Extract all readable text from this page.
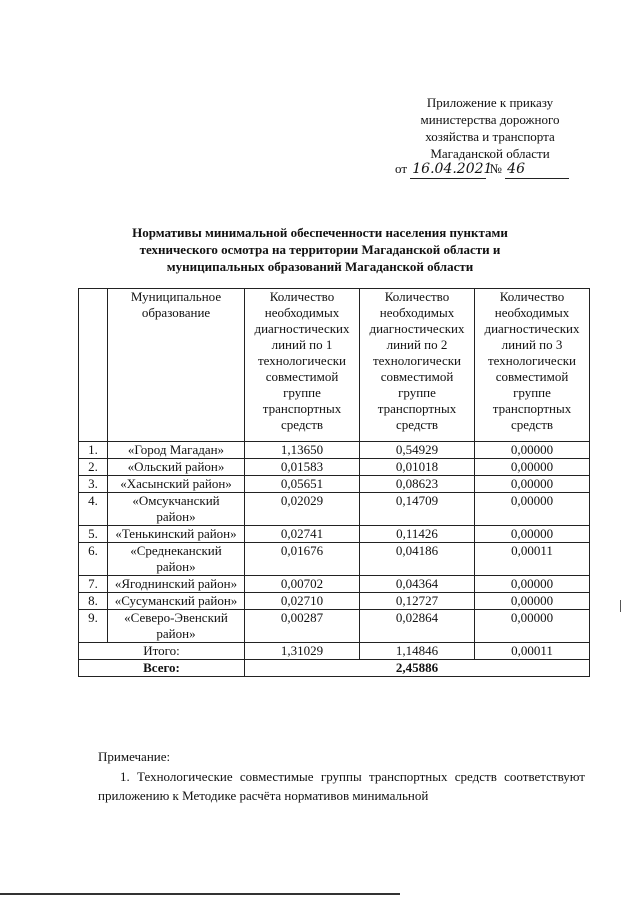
Приложение к приказу
министерства дорожного
хозяйства и транспорта
Магаданской области
от 16.04.2021 № 46
Нормативы минимальной обеспеченности населения пунктами
технического осмотра на территории Магаданской области и
муниципальных образований Магаданской области
	Муниципальное образование	Количество необходимых диагностических линий по 1 технологически совместимой группе транспортных средств	Количество необходимых диагностических линий по 2 технологически совместимой группе транспортных средств	Количество необходимых диагностических линий по 3 технологически совместимой группе транспортных средств
1.	«Город Магадан»	1,13650	0,54929	0,00000
2.	«Ольский район»	0,01583	0,01018	0,00000
3.	«Хасынский район»	0,05651	0,08623	0,00000
4.	«Омсукчанский район»	0,02029	0,14709	0,00000
5.	«Тенькинский район»	0,02741	0,11426	0,00000
6.	«Среднеканский район»	0,01676	0,04186	0,00011
7.	«Ягоднинский район»	0,00702	0,04364	0,00000
8.	«Сусуманский район»	0,02710	0,12727	0,00000
9.	«Северо-Эвенский район»	0,00287	0,02864	0,00000
Итого:		1,31029	1,14846	0,00011
Всего:		2,45886		
Примечание:
1. Технологические совместимые группы транспортных средств соответствуют приложению к Методике расчёта нормативов минимальной
